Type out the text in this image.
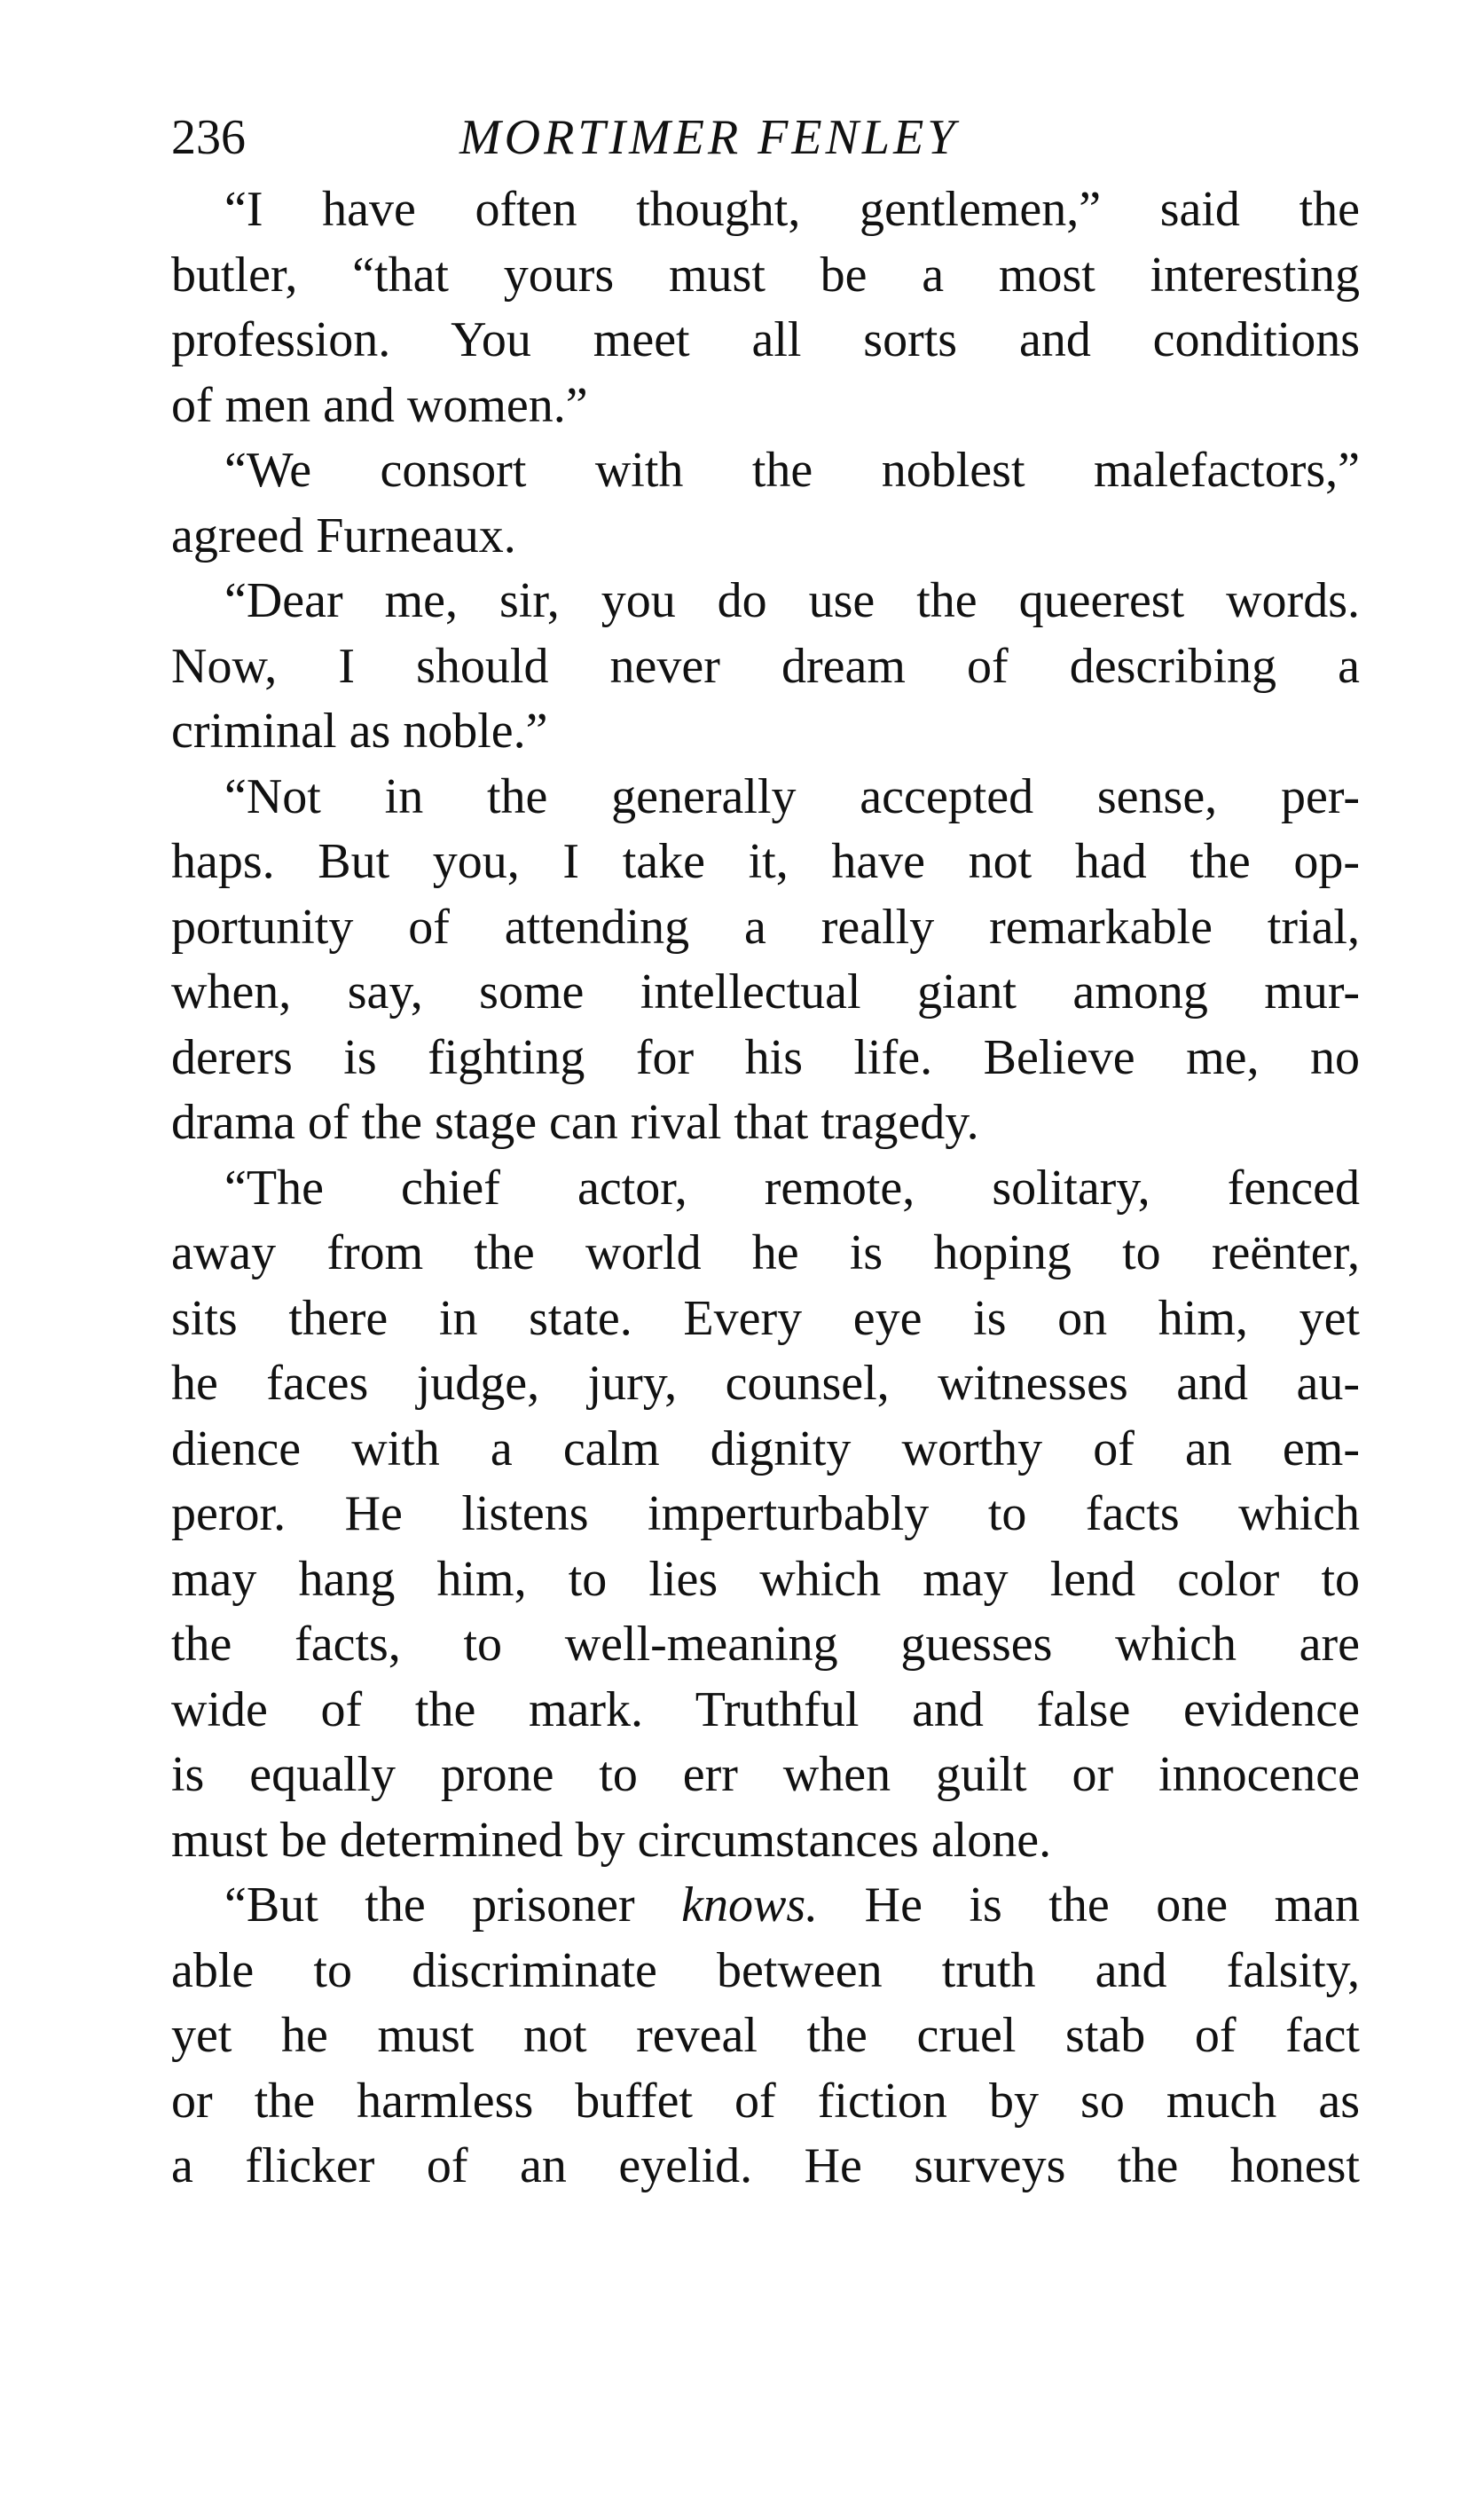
236	MORTIMER FENLEY

“I have often thought, gentlemen,” said the
butler, “that yours must be a most interesting
profession. You meet all sorts and conditions
of men and women.”

“We consort with the noblest malefactors,”
agreed Furneaux.

“Dear me, sir, you do use the queerest words.
Now, I should never dream of describing a
criminal as noble.”

“Not in the generally accepted sense, per-
haps. But you, I take it, have not had the op-
portunity of attending a really remarkable trial,
when, say, some intellectual giant among mur-
derers is fighting for his life. Believe me, no
drama of the stage can rival that tragedy.

“The chief actor, remote, solitary, fenced
away from the world he is hoping to reënter,
sits there in state. Every eye is on him, yet
he faces judge, jury, counsel, witnesses and au-
dience with a calm dignity worthy of an em-
peror. He listens imperturbably to facts which
may hang him, to lies which may lend color to
the facts, to well-meaning guesses which are
wide of the mark. Truthful and false evidence
is equally prone to err when guilt or innocence
must be determined by circumstances alone.

“But the prisoner knows. He is the one man
able to discriminate between truth and falsity,
yet he must not reveal the cruel stab of fact
or the harmless buffet of fiction by so much as
a flicker of an eyelid. He surveys the honest
